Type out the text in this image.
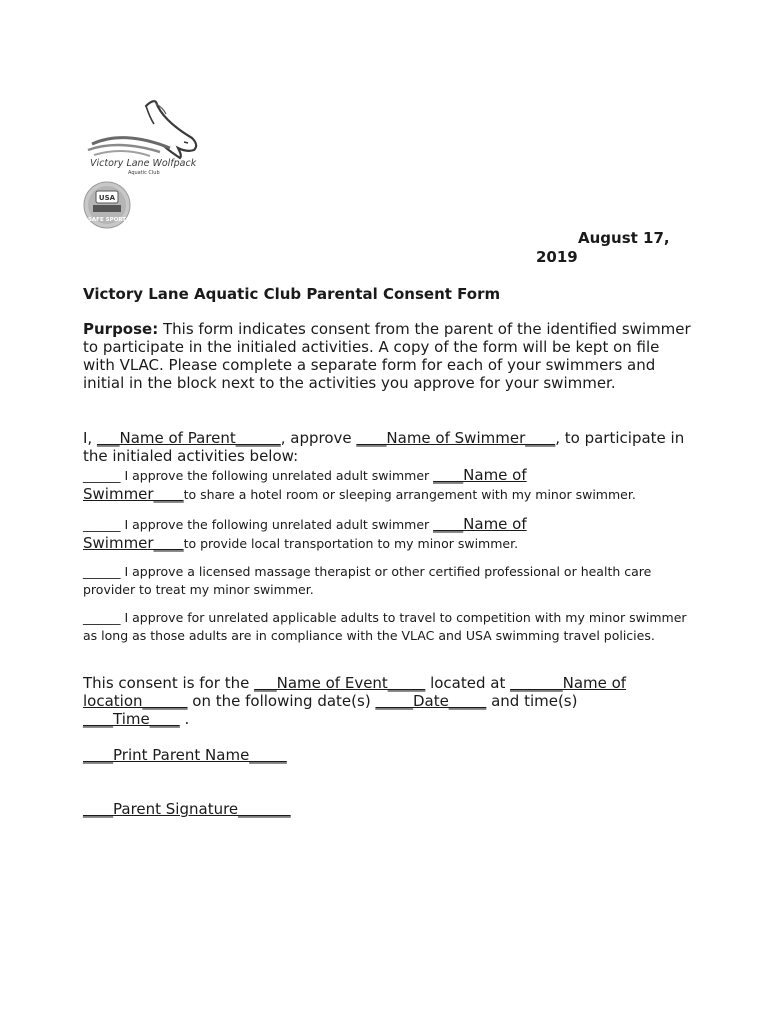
Victory Lane Wolfpack
Aquatic Club
USA
SAFE SPORT
August 17,
2019
Victory Lane Aquatic Club Parental Consent Form
Purpose: This form indicates consent from the parent of the identified swimmer to participate in the initialed activities. A copy of the form will be kept on file with VLAC. Please complete a separate form for each of your swimmers and initial in the block next to the activities you approve for your swimmer.
I, ___Name of Parent______, approve ____Name of Swimmer____, to participate in the initialed activities below:
______ I approve the following unrelated adult swimmer ____Name of
Swimmer____to share a hotel room or sleeping arrangement with my minor swimmer.
______ I approve the following unrelated adult swimmer ____Name of
Swimmer____to provide local transportation to my minor swimmer.
______ I approve a licensed massage therapist or other certified professional or health care provider to treat my minor swimmer.
______ I approve for unrelated applicable adults to travel to competition with my minor swimmer as long as those adults are in compliance with the VLAC and USA swimming travel policies.
This consent is for the ___Name of Event_____ located at _______Name of location______ on the following date(s) _____Date_____ and time(s) ____Time____ .
____Print Parent Name_____
____Parent Signature_______
